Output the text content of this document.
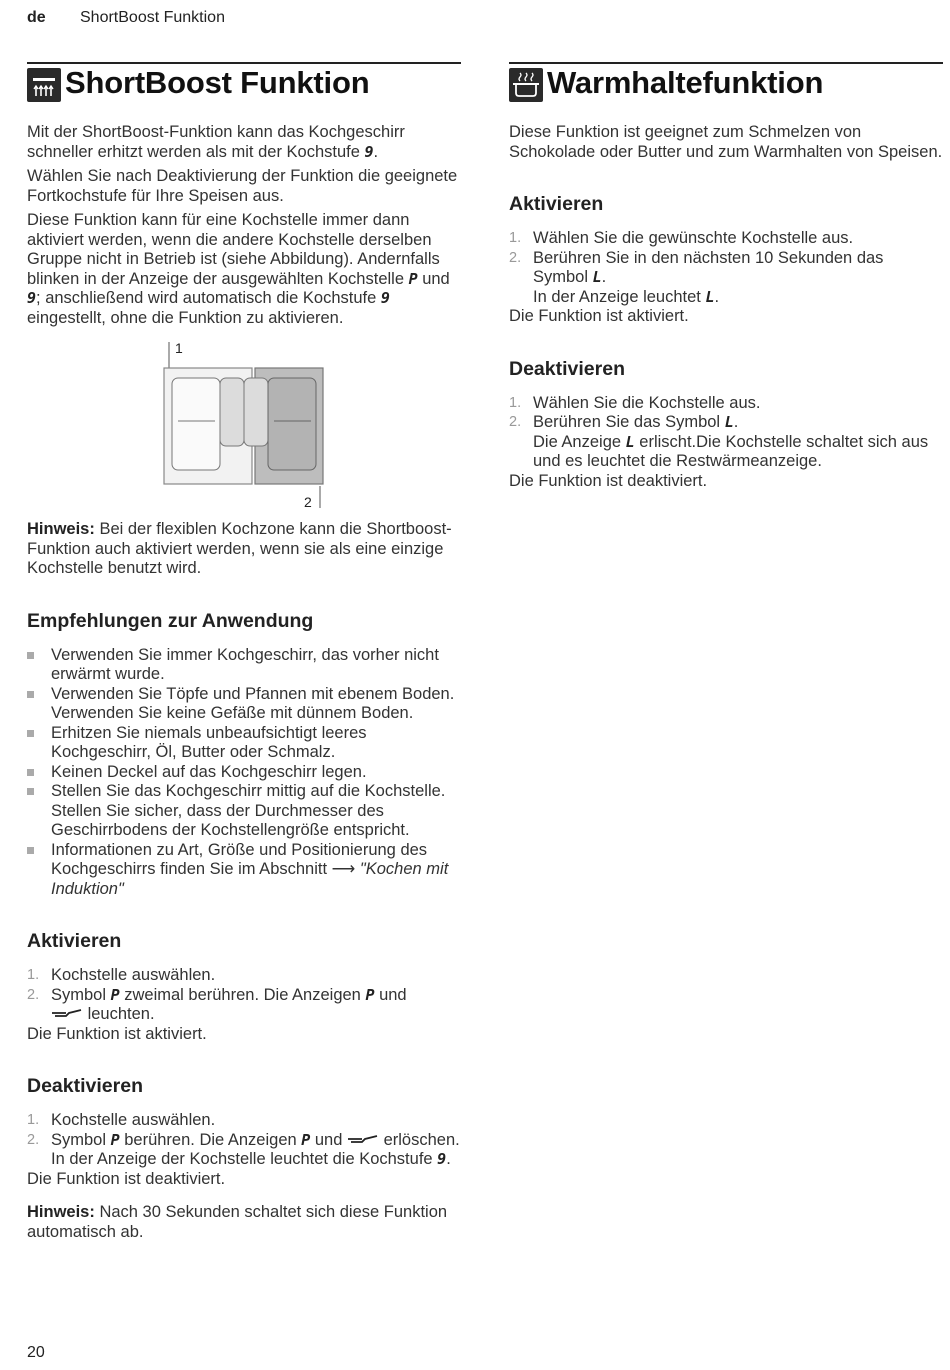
de ShortBoost Funktion
ShortBoost Funktion

Mit der ShortBoost-Funktion kann das Kochgeschirr schneller erhitzt werden als mit der Kochstufe 9.

Wählen Sie nach Deaktivierung der Funktion die geeignete Fortkochstufe für Ihre Speisen aus.

Diese Funktion kann für eine Kochstelle immer dann aktiviert werden, wenn die andere Kochstelle derselben Gruppe nicht in Betrieb ist (siehe Abbildung). Andernfalls blinken in der Anzeige der ausgewählten Kochstelle P und 9; anschließend wird automatisch die Kochstufe 9 eingestellt, ohne die Funktion zu aktivieren.

1
2

Hinweis: Bei der flexiblen Kochzone kann die Shortboost-Funktion auch aktiviert werden, wenn sie als eine einzige Kochstelle benutzt wird.

Empfehlungen zur Anwendung
Verwenden Sie immer Kochgeschirr, das vorher nicht erwärmt wurde.
Verwenden Sie Töpfe und Pfannen mit ebenem Boden. Verwenden Sie keine Gefäße mit dünnem Boden.
Erhitzen Sie niemals unbeaufsichtigt leeres Kochgeschirr, Öl, Butter oder Schmalz.
Keinen Deckel auf das Kochgeschirr legen.
Stellen Sie das Kochgeschirr mittig auf die Kochstelle. Stellen Sie sicher, dass der Durchmesser des Geschirrbodens der Kochstellengröße entspricht.
Informationen zu Art, Größe und Positionierung des Kochgeschirrs finden Sie im Abschnitt ⟶ "Kochen mit Induktion"
Aktivieren
1. Kochstelle auswählen.
2. Symbol P zweimal berühren. Die Anzeigen P und
leuchten.

Die Funktion ist aktiviert.

Deaktivieren
1. Kochstelle auswählen.
2. Symbol P berühren. Die Anzeigen P und  erlöschen. In der Anzeige der Kochstelle leuchtet die Kochstufe 9.

Die Funktion ist deaktiviert.

Hinweis: Nach 30 Sekunden schaltet sich diese Funktion automatisch ab.

Warmhaltefunktion

Diese Funktion ist geeignet zum Schmelzen von Schokolade oder Butter und zum Warmhalten von Speisen.

Aktivieren
1. Wählen Sie die gewünschte Kochstelle aus.
2. Berühren Sie in den nächsten 10 Sekunden das Symbol L.
In der Anzeige leuchtet L.

Die Funktion ist aktiviert.

Deaktivieren
1. Wählen Sie die Kochstelle aus.
2. Berühren Sie das Symbol L.
Die Anzeige L erlischt.Die Kochstelle schaltet sich aus und es leuchtet die Restwärmeanzeige.

Die Funktion ist deaktiviert.

20
